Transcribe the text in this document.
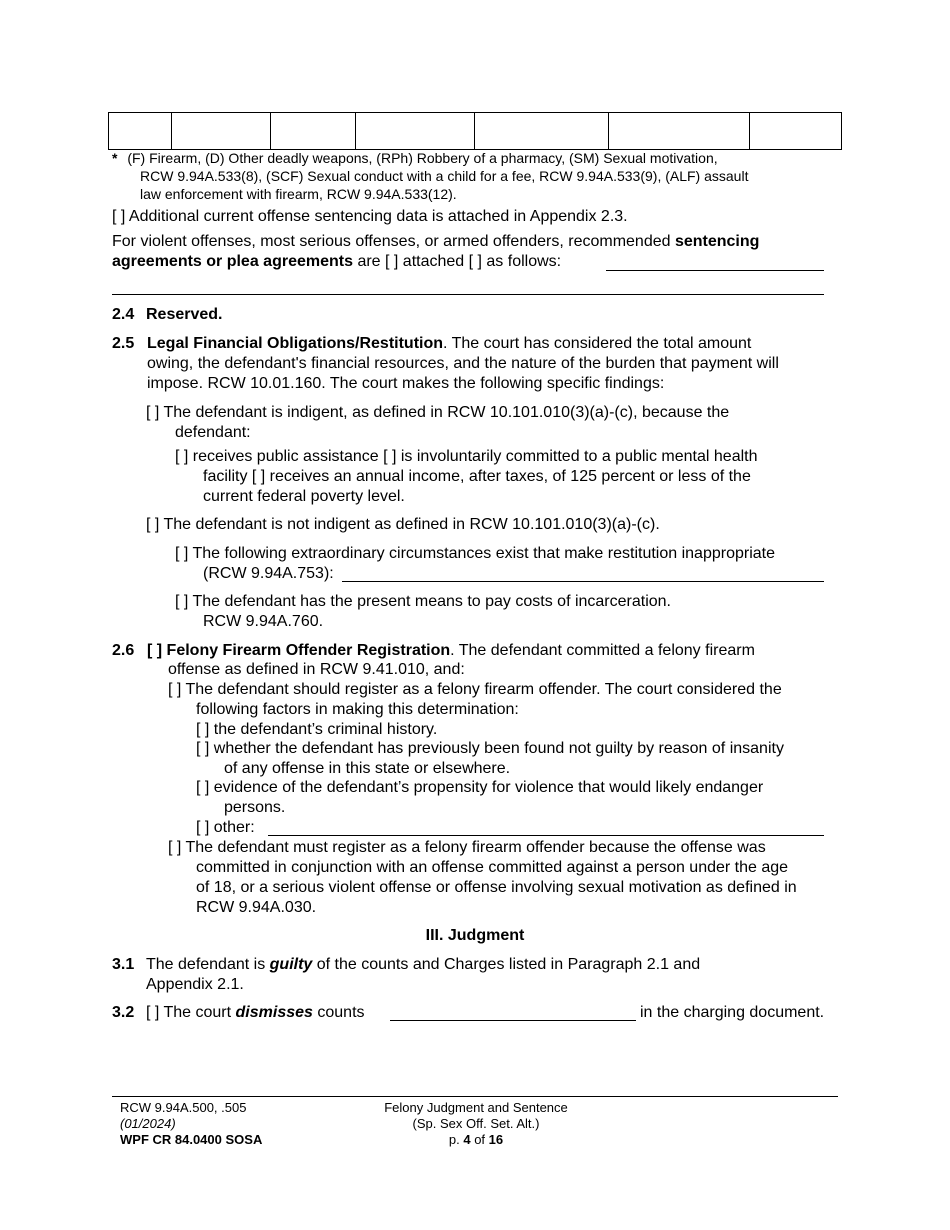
* (F) Firearm, (D) Other deadly weapons, (RPh) Robbery of a pharmacy, (SM) Sexual motivation,
RCW 9.94A.533(8), (SCF) Sexual conduct with a child for a fee, RCW 9.94A.533(9), (ALF) assault
law enforcement with firearm, RCW 9.94A.533(12).
[ ] Additional current offense sentencing data is attached in Appendix 2.3.
For violent offenses, most serious offenses, or armed offenders, recommended sentencing
agreements or plea agreements are [ ] attached [ ] as follows:
2.4 Reserved.
2.5 Legal Financial Obligations/Restitution. The court has considered the total amount
owing, the defendant's financial resources, and the nature of the burden that payment will
impose. RCW 10.01.160. The court makes the following specific findings:
[ ] The defendant is indigent, as defined in RCW 10.101.010(3)(a)-(c), because the
defendant:
[ ] receives public assistance [ ] is involuntarily committed to a public mental health
facility [ ] receives an annual income, after taxes, of 125 percent or less of the
current federal poverty level.
[ ] The defendant is not indigent as defined in RCW 10.101.010(3)(a)-(c).
[ ] The following extraordinary circumstances exist that make restitution inappropriate
(RCW 9.94A.753):
[ ] The defendant has the present means to pay costs of incarceration.
RCW 9.94A.760.
2.6 [ ] Felony Firearm Offender Registration. The defendant committed a felony firearm
offense as defined in RCW 9.41.010, and:
[ ] The defendant should register as a felony firearm offender. The court considered the
following factors in making this determination:
[ ] the defendant’s criminal history.
[ ] whether the defendant has previously been found not guilty by reason of insanity
of any offense in this state or elsewhere.
[ ] evidence of the defendant’s propensity for violence that would likely endanger
persons.
[ ] other:
[ ] The defendant must register as a felony firearm offender because the offense was
committed in conjunction with an offense committed against a person under the age
of 18, or a serious violent offense or offense involving sexual motivation as defined in
RCW 9.94A.030.
III. Judgment
3.1 The defendant is guilty of the counts and Charges listed in Paragraph 2.1 and
Appendix 2.1.
3.2 [ ] The court dismisses counts	in the charging document.
RCW 9.94A.500, .505
(01/2024)
WPF CR 84.0400 SOSA
Felony Judgment and Sentence
(Sp. Sex Off. Set. Alt.)
p. 4 of 16
